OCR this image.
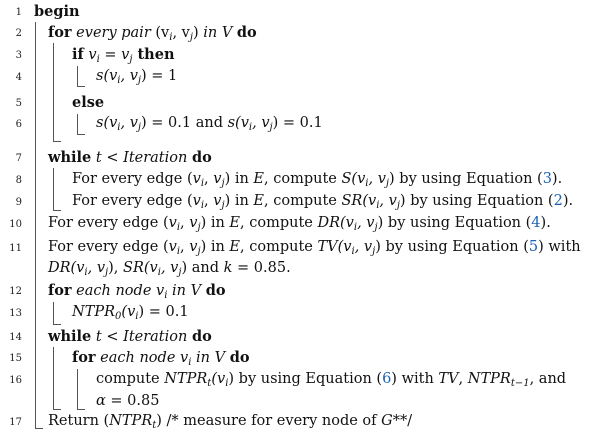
1 begin
2 for every pair ($v_i$, $v_j$) in V do
3	if $v_i = v_j$ then
4	$s(v_i$, $v_j) = 1$
5	else
6	$s(v_i$, $v_j) = 0.1$ and $s(v_i$, $v_j) = 0.1$
7 while t < Iteration do
8	For every edge ($v_i$, $v_j$) in E, compute $S(v_i$, $v_j$) by using Equation (3).
9	For every edge ($v_i$, $v_j$) in E, compute $SR(v_i$, $v_j$) by using Equation (2).
10 For every edge ($v_i$, $v_j$) in E, compute $DR(v_i$, $v_j$) by using Equation (4).
11 For every edge ($v_i$, $v_j$) in E, compute $TV(v_i$, $v_j$) by using Equation (5) with
$DR(v_i$, $v_j$), $SR(v_i$, $v_j$) and k = 0.85.
12 for each node $v_i$ in V do
13	$NTPR_0(v_i) = 0.1$
14 while t < Iteration do
15	for each node $v_i$ in V do
16	compute $NTPR_t(v_i)$ by using Equation (6) with TV, $NTPR_{t-1}$, and
α = 0.85
17 Return $(NTPR_t)$ /* measure for every node of G**/
